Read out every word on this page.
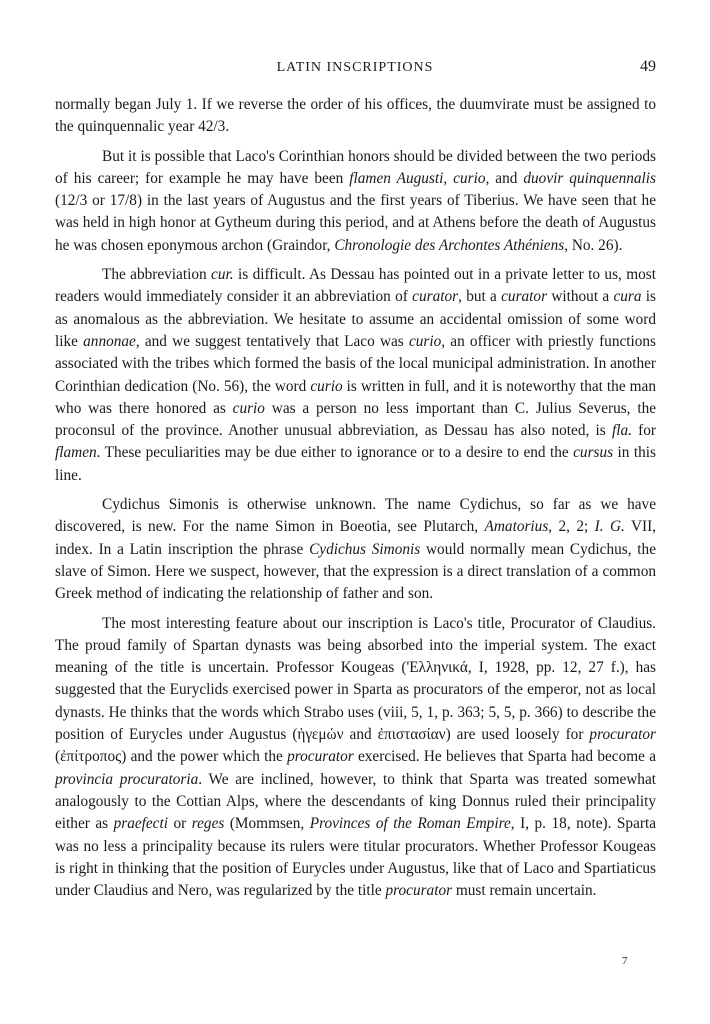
LATIN INSCRIPTIONS	49

normally began July 1. If we reverse the order of his offices, the duumvirate must be assigned to the quinquennalic year 42/3.

But it is possible that Laco's Corinthian honors should be divided between the two periods of his career; for example he may have been flamen Augusti, curio, and duovir quinquennalis (12/3 or 17/8) in the last years of Augustus and the first years of Tiberius. We have seen that he was held in high honor at Gytheum during this period, and at Athens before the death of Augustus he was chosen eponymous archon (Graindor, Chronologie des Archontes Athéniens, No. 26).

The abbreviation cur. is difficult. As Dessau has pointed out in a private letter to us, most readers would immediately consider it an abbreviation of curator, but a curator without a cura is as anomalous as the abbreviation. We hesitate to assume an accidental omission of some word like annonae, and we suggest tentatively that Laco was curio, an officer with priestly functions associated with the tribes which formed the basis of the local municipal administration. In another Corinthian dedication (No. 56), the word curio is written in full, and it is noteworthy that the man who was there honored as curio was a person no less important than C. Julius Severus, the proconsul of the province. Another unusual abbreviation, as Dessau has also noted, is fla. for flamen. These peculiarities may be due either to ignorance or to a desire to end the cursus in this line.

Cydichus Simonis is otherwise unknown. The name Cydichus, so far as we have discovered, is new. For the name Simon in Boeotia, see Plutarch, Amatorius, 2, 2; I. G. VII, index. In a Latin inscription the phrase Cydichus Simonis would normally mean Cydichus, the slave of Simon. Here we suspect, however, that the expression is a direct translation of a common Greek method of indicating the relationship of father and son.

The most interesting feature about our inscription is Laco's title, Procurator of Claudius. The proud family of Spartan dynasts was being absorbed into the imperial system. The exact meaning of the title is uncertain. Professor Kougeas ('Ελληνικά, I, 1928, pp. 12, 27 f.), has suggested that the Euryclids exercised power in Sparta as procurators of the emperor, not as local dynasts. He thinks that the words which Strabo uses (viii, 5, 1, p. 363; 5, 5, p. 366) to describe the position of Eurycles under Augustus (ἡγεμών and ἐπιστασίαν) are used loosely for procurator (ἐπίτροπος) and the power which the procurator exercised. He believes that Sparta had become a provincia procuratoria. We are inclined, however, to think that Sparta was treated somewhat analogously to the Cottian Alps, where the descendants of king Donnus ruled their principality either as praefecti or reges (Mommsen, Provinces of the Roman Empire, I, p. 18, note). Sparta was no less a principality because its rulers were titular procurators. Whether Professor Kougeas is right in thinking that the position of Eurycles under Augustus, like that of Laco and Spartiaticus under Claudius and Nero, was regularized by the title procurator must remain uncertain.

7
